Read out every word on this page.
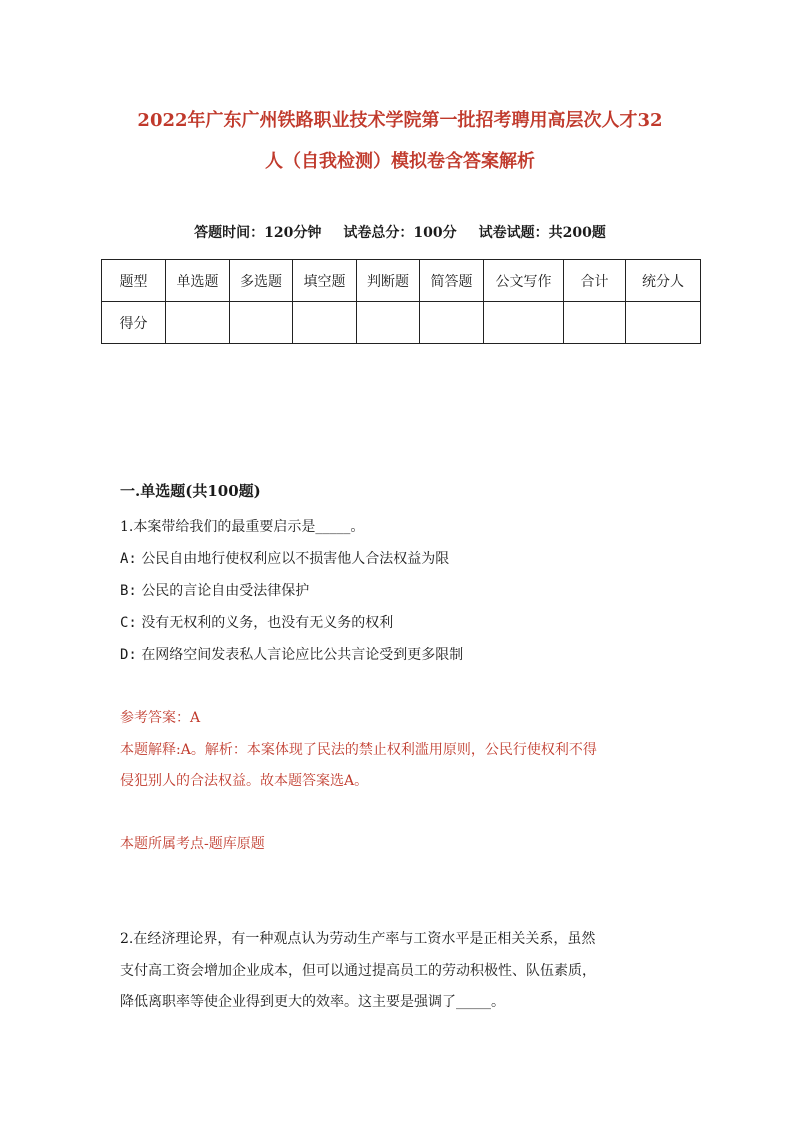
2022年广东广州铁路职业技术学院第一批招考聘用高层次人才32
人（自我检测）模拟卷含答案解析
答题时间：120分钟 试卷总分：100分 试卷试题：共200题
题型	单选题	多选题	填空题	判断题	简答题	公文写作	合计	统分人
得分								
一.单选题(共100题)
1.本案带给我们的最重要启示是_____。
A: 公民自由地行使权利应以不损害他人合法权益为限
B: 公民的言论自由受法律保护
C: 没有无权利的义务，也没有无义务的权利
D: 在网络空间发表私人言论应比公共言论受到更多限制
参考答案：A
本题解释:A。解析：本案体现了民法的禁止权利滥用原则，公民行使权利不得
侵犯别人的合法权益。故本题答案选A。
本题所属考点-题库原题
2.在经济理论界，有一种观点认为劳动生产率与工资水平是正相关关系，虽然
支付高工资会增加企业成本，但可以通过提高员工的劳动积极性、队伍素质，
降低离职率等使企业得到更大的效率。这主要是强调了_____。
